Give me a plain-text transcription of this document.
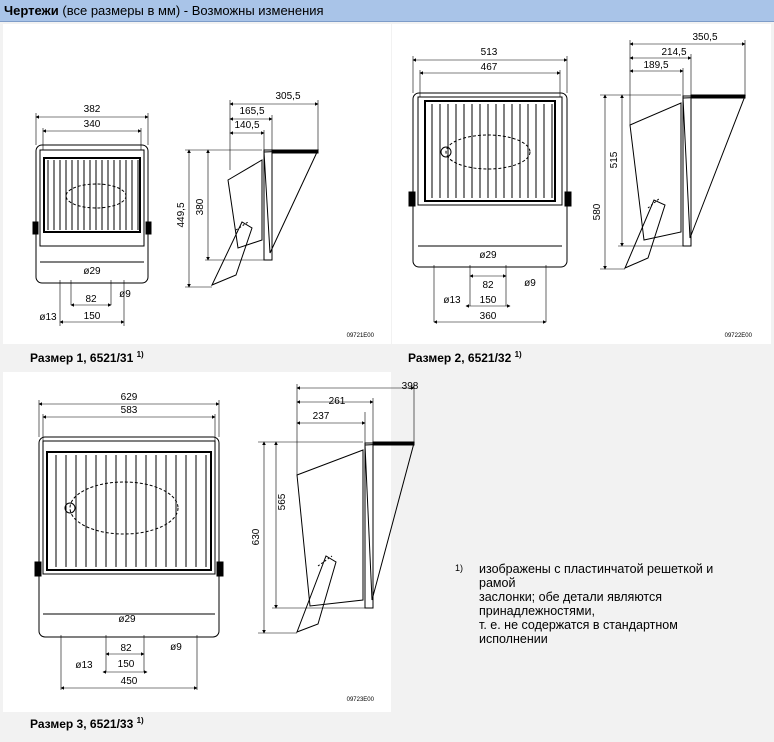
Чертежи (все размеры в мм) - Возможны изменения
382
340
ø29
ø13
ø9
82
150
305,5
165,5
140,5
449,5 380
09721E00
513
467
ø29
ø13
ø9
82
150
360
350,5
214,5
189,5
580
515
09722E00
629
583
ø29
ø13
ø9
82
150
450
398
261
237
630
565
09723E00
Размер 1, 6521/31 $^{1)}$	Размер 2, 6521/32 $^{1)}$
Размер 3, 6521/33 $^{1)}$
1) изображены с пластинчатой решеткой и
рамой
заслонки; обе детали являются
принадлежностями,
т. е. не содержатся в стандартном
исполнении
